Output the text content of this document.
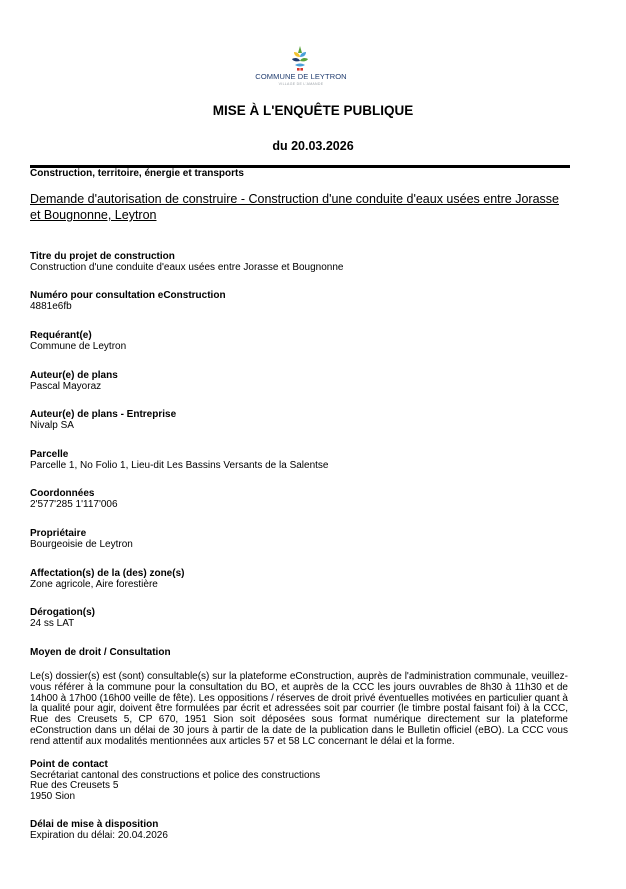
COMMUNE DE LEYTRON
VILLAGE DE L'AMANDE
MISE À L'ENQUÊTE PUBLIQUE
du 20.03.2026
Construction, territoire, énergie et transports
Demande d'autorisation de construire - Construction d'une conduite d'eaux usées entre Jorasse et Bougnonne, Leytron
Titre du projet de construction
Construction d'une conduite d'eaux usées entre Jorasse et Bougnonne
Numéro pour consultation eConstruction
4881e6fb
Requérant(e)
Commune de Leytron
Auteur(e) de plans
Pascal Mayoraz
Auteur(e) de plans - Entreprise
Nivalp SA
Parcelle
Parcelle 1, No Folio 1, Lieu-dit Les Bassins Versants de la Salentse
Coordonnées
2'577'285 1'117'006
Propriétaire
Bourgeoisie de Leytron
Affectation(s) de la (des) zone(s)
Zone agricole, Aire forestière
Dérogation(s)
24 ss LAT
Moyen de droit / Consultation
Le(s) dossier(s) est (sont) consultable(s) sur la plateforme eConstruction, auprès de l'administration communale, veuillez-vous référer à la commune pour la consultation du BO, et auprès de la CCC les jours ouvrables de 8h30 à 11h30 et de 14h00 à 17h00 (16h00 veille de fête). Les oppositions / réserves de droit privé éventuelles motivées en particulier quant à la qualité pour agir, doivent être formulées par écrit et adressées soit par courrier (le timbre postal faisant foi) à la CCC, Rue des Creusets 5, CP 670, 1951 Sion soit déposées sous format numérique directement sur la plateforme eConstruction dans un délai de 30 jours à partir de la date de la publication dans le Bulletin officiel (eBO). La CCC vous rend attentif aux modalités mentionnées aux articles 57 et 58 LC concernant le délai et la forme.
Point de contact
Secrétariat cantonal des constructions et police des constructions
Rue des Creusets 5
1950 Sion
Délai de mise à disposition
Expiration du délai: 20.04.2026
